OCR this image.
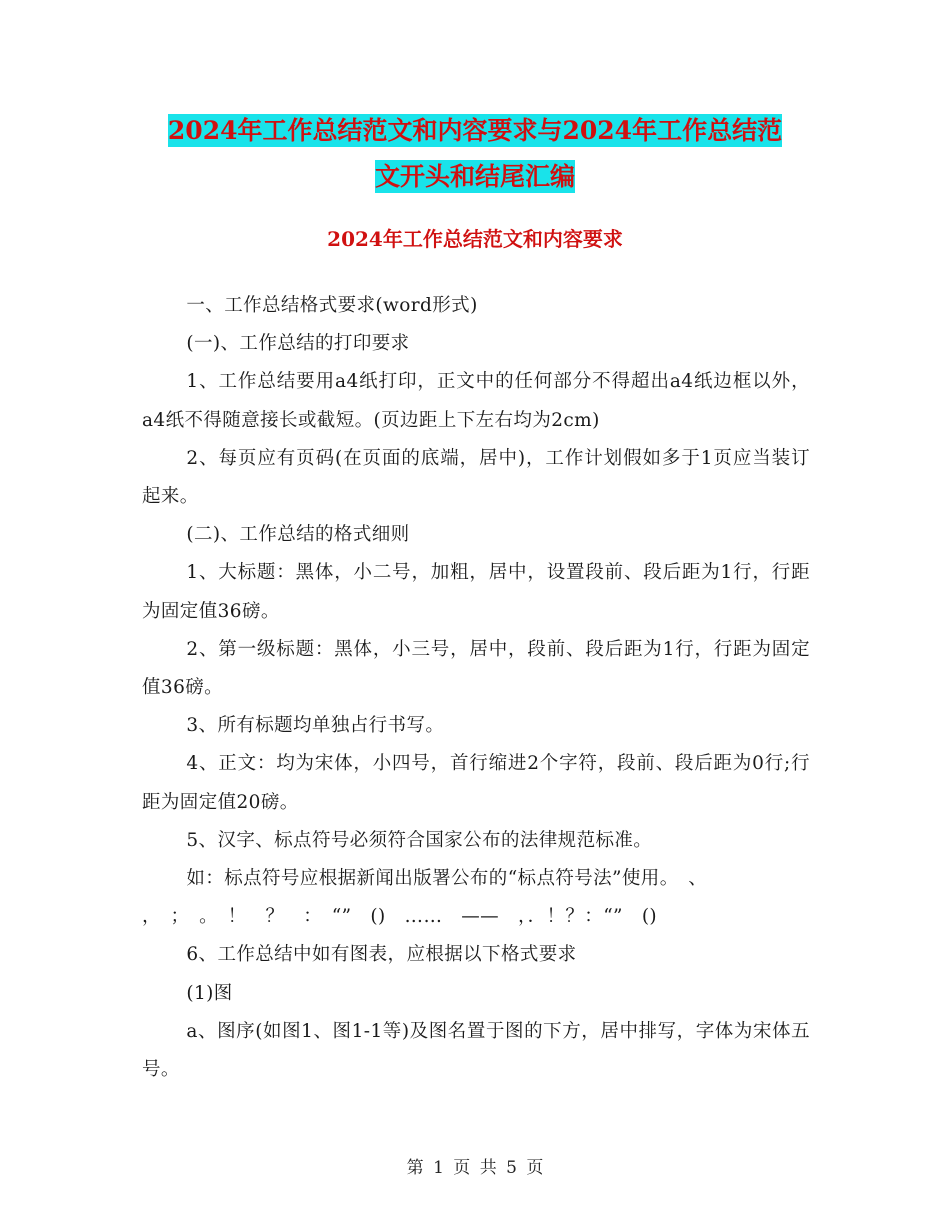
2024年工作总结范文和内容要求与2024年工作总结范
文开头和结尾汇编
2024年工作总结范文和内容要求

一、工作总结格式要求(word形式)

(一)、工作总结的打印要求

1、工作总结要用a4纸打印，正文中的任何部分不得超出a4纸边框以外，a4纸不得随意接长或截短。(页边距上下左右均为2cm)

2、每页应有页码(在页面的底端，居中)，工作计划假如多于1页应当装订起来。

(二)、工作总结的格式细则

1、大标题：黑体，小二号，加粗，居中，设置段前、段后距为1行，行距为固定值36磅。

2、第一级标题：黑体，小三号，居中，段前、段后距为1行，行距为固定值36磅。

3、所有标题均单独占行书写。

4、正文：均为宋体，小四号，首行缩进2个字符，段前、段后距为0行;行距为固定值20磅。

5、汉字、标点符号必须符合国家公布的法律规范标准。

如：标点符号应根据新闻出版署公布的“标点符号法”使用。　、

，　；　。　！　？　：　“”　()　……　——　，．！？：“”　()

6、工作总结中如有图表，应根据以下格式要求

(1)图

a、图序(如图1、图1-1等)及图名置于图的下方，居中排写，字体为宋体五号。

第 1 页 共 5 页
